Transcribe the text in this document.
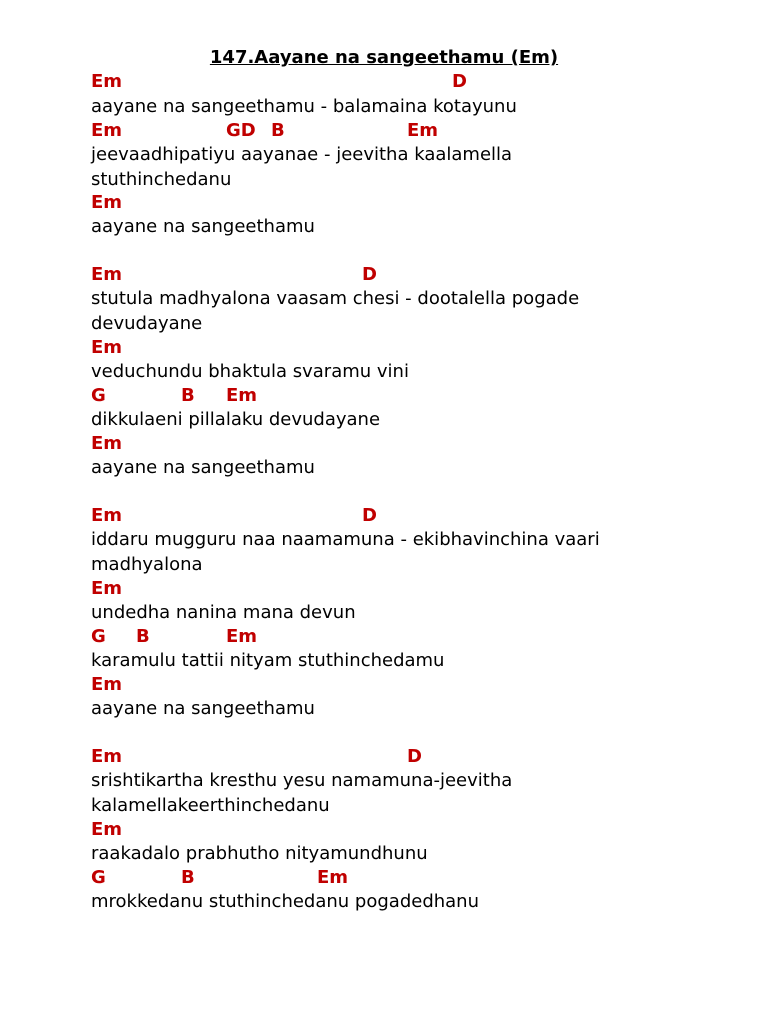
147.Aayane na sangeethamu (Em)

Em

	D

aayane na sangeethamu - balamaina kotayunu

Em

	GD

B

	Em

jeevaadhipatiyu aayanae - jeevitha kaalamella
stuthinchedanu

Em

aayane na sangeethamu

Em

	D

stutula madhyalona vaasam chesi - dootalella pogade
devudayane

Em

veduchundu bhaktula svaramu vini

G

	B

Em

dikkulaeni pillalaku devudayane

Em

aayane na sangeethamu

Em

	D

iddaru mugguru naa naamamuna - ekibhavinchina vaari
madhyalona

Em

undedha nanina mana devun

G

B

	Em

karamulu tattii nityam stuthinchedamu

Em

aayane na sangeethamu

Em

	D

srishtikartha kresthu yesu namamuna-jeevitha
kalamellakeerthinchedanu

Em

raakadalo prabhutho nityamundhunu

G

	B

	Em

mrokkedanu stuthinchedanu pogadedhanu
